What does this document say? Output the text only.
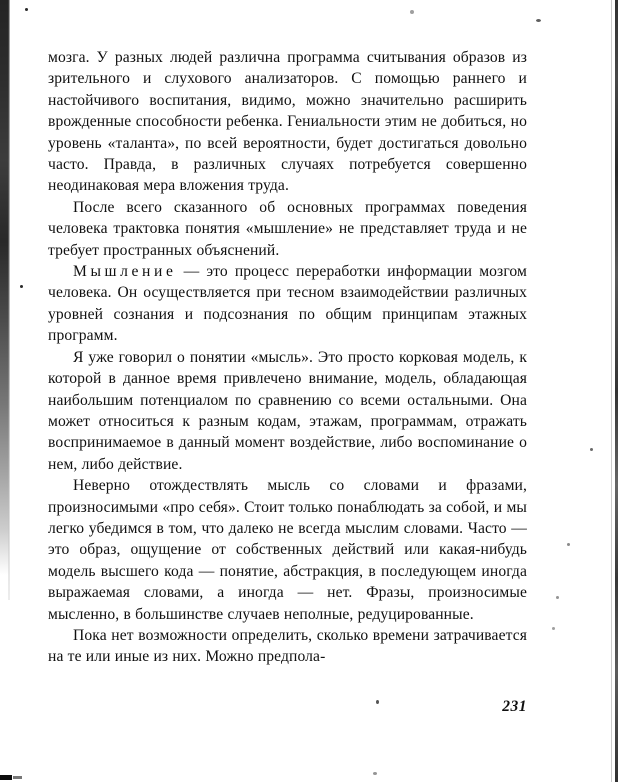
мозга. У разных людей различна программа считывания образов из зрительного и слухового анализаторов. С помощью раннего и настойчивого воспитания, видимо, можно значительно расширить врожденные способности ребенка. Гениальности этим не добиться, но уровень «таланта», по всей вероятности, будет достигаться довольно часто. Правда, в различных случаях потребуется совершенно неодинаковая мера вложения труда.

После всего сказанного об основных программах поведения человека трактовка понятия «мышление» не представляет труда и не требует пространных объяснений.

Мышление — это процесс переработки информации мозгом человека. Он осуществляется при тесном взаимодействии различных уровней сознания и подсознания по общим принципам этажных программ.

Я уже говорил о понятии «мысль». Это просто корковая модель, к которой в данное время привлечено внимание, модель, обладающая наибольшим потенциалом по сравнению со всеми остальными. Она может относиться к разным кодам, этажам, программам, отражать воспринимаемое в данный момент воздействие, либо воспоминание о нем, либо действие.

Неверно отождествлять мысль со словами и фразами, произносимыми «про себя». Стоит только понаблюдать за собой, и мы легко убедимся в том, что далеко не всегда мыслим словами. Часто — это образ, ощущение от собственных действий или какая-нибудь модель высшего кода — понятие, абстракция, в последующем иногда выражаемая словами, а иногда — нет. Фразы, произносимые мысленно, в большинстве случаев неполные, редуцированные.

Пока нет возможности определить, сколько времени затрачивается на те или иные из них. Можно предпола-

231
